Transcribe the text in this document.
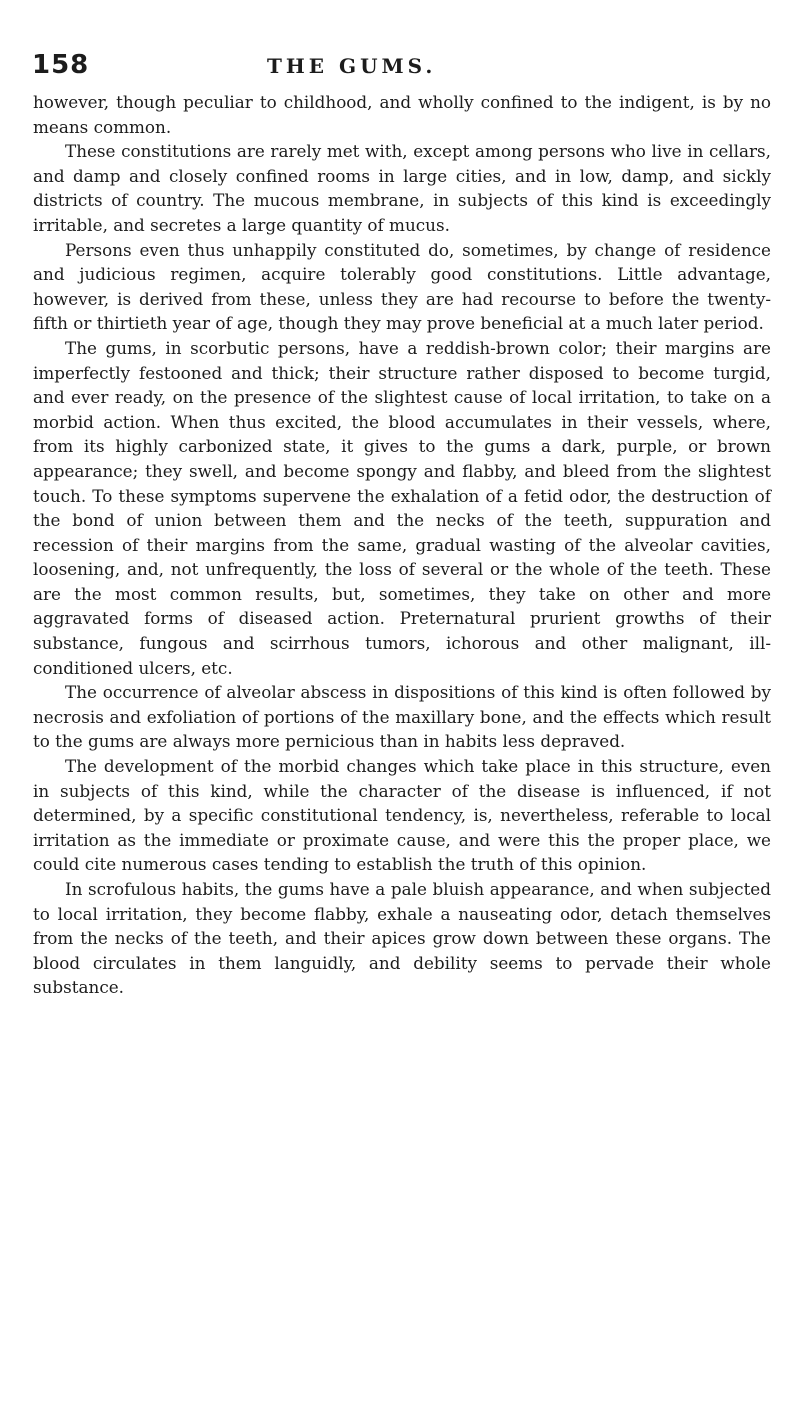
158	THE GUMS.

however, though peculiar to childhood, and wholly confined to the indigent, is by no means common.

These constitutions are rarely met with, except among persons who live in cellars, and damp and closely confined rooms in large cities, and in low, damp, and sickly districts of country. The mucous membrane, in subjects of this kind is exceedingly irritable, and secretes a large quantity of mucus.

Persons even thus unhappily constituted do, sometimes, by change of residence and judicious regimen, acquire tolerably good constitutions. Little advantage, however, is derived from these, unless they are had recourse to before the twenty-fifth or thirtieth year of age, though they may prove beneficial at a much later period.

The gums, in scorbutic persons, have a reddish-brown color; their margins are imperfectly festooned and thick; their structure rather disposed to become turgid, and ever ready, on the presence of the slightest cause of local irritation, to take on a morbid action. When thus excited, the blood accumulates in their vessels, where, from its highly carbonized state, it gives to the gums a dark, purple, or brown appearance; they swell, and become spongy and flabby, and bleed from the slightest touch. To these symptoms supervene the exhalation of a fetid odor, the destruction of the bond of union between them and the necks of the teeth, suppuration and recession of their margins from the same, gradual wasting of the alveolar cavities, loosening, and, not unfrequently, the loss of several or the whole of the teeth. These are the most common results, but, sometimes, they take on other and more aggravated forms of diseased action. Preternatural prurient growths of their substance, fungous and scirrhous tumors, ichorous and other malignant, ill-conditioned ulcers, etc.

The occurrence of alveolar abscess in dispositions of this kind is often followed by necrosis and exfoliation of portions of the maxillary bone, and the effects which result to the gums are always more pernicious than in habits less depraved.

The development of the morbid changes which take place in this structure, even in subjects of this kind, while the character of the disease is influenced, if not determined, by a specific constitutional tendency, is, nevertheless, referable to local irritation as the immediate or proximate cause, and were this the proper place, we could cite numerous cases tending to establish the truth of this opinion.

In scrofulous habits, the gums have a pale bluish appearance, and when subjected to local irritation, they become flabby, exhale a nauseating odor, detach themselves from the necks of the teeth, and their apices grow down between these organs. The blood circulates in them languidly, and debility seems to pervade their whole substance.
